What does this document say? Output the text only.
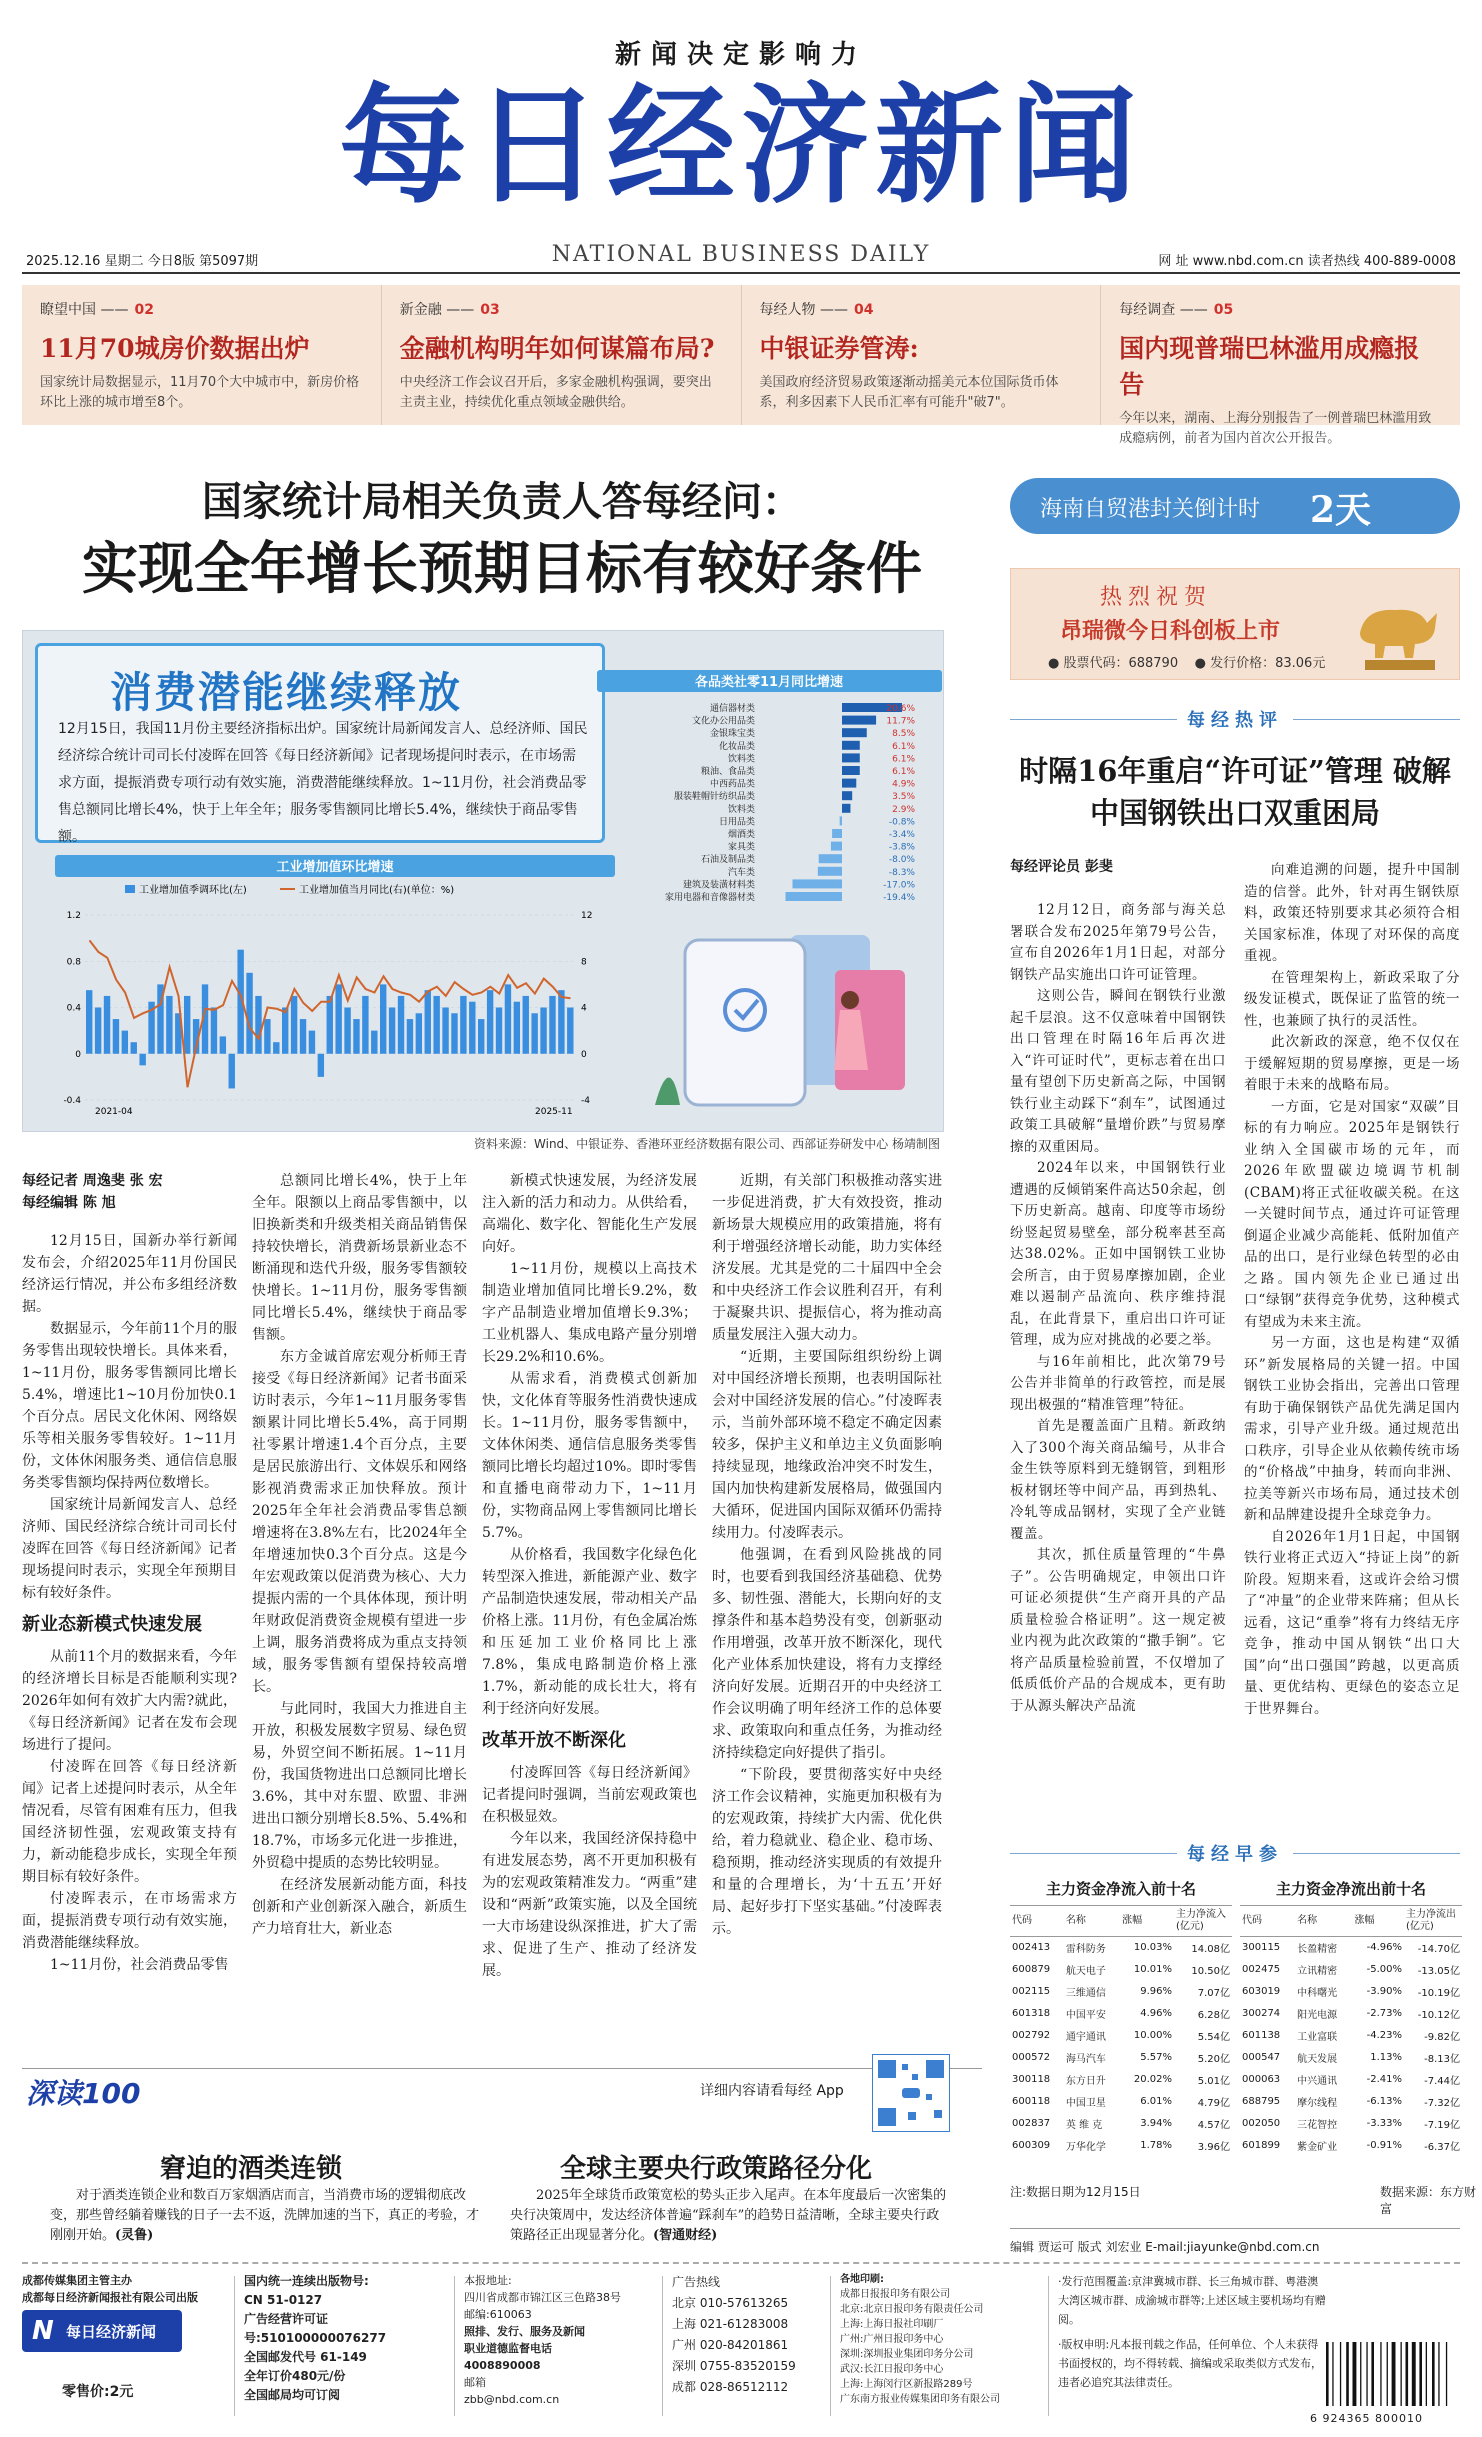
新闻决定影响力
每日经济新闻
2025.12.16 星期二 今日8版 第5097期	NATIONAL BUSINESS DAILY	网 址 www.nbd.com.cn 读者热线 400-889-0008
瞭望中国 —— 02
11月70城房价数据出炉
国家统计局数据显示，11月70个大中城市中，新房价格环比上涨的城市增至8个。
新金融 —— 03
金融机构明年如何谋篇布局?
中央经济工作会议召开后，多家金融机构强调，要突出主责主业，持续优化重点领域金融供给。
每经人物 —— 04
中银证券管涛:
美国政府经济贸易政策逐渐动摇美元本位国际货币体系，利多因素下人民币汇率有可能升"破7"。
每经调查 —— 05
国内现普瑞巴林滥用成瘾报告
今年以来，湖南、上海分别报告了一例普瑞巴林滥用致成瘾病例，前者为国内首次公开报告。
国家统计局相关负责人答每经问：
实现全年增长预期目标有较好条件
消费潜能继续释放
12月15日，我国11月份主要经济指标出炉。国家统计局新闻发言人、总经济师、国民经济综合统计司司长付凌晖在回答《每日经济新闻》记者现场提问时表示，在市场需求方面，提振消费专项行动有效实施，消费潜能继续释放。1~11月份，社会消费品零售总额同比增长4%，快于上年全年；服务零售额同比增长5.4%，继续快于商品零售额。
各品类社零11月同比增速
通信器材类	20.6%
文化办公用品类	11.7%
金银珠宝类	8.5%
化妆品类	6.1%
饮料类	6.1%
粮油、食品类	6.1%
中西药品类	4.9%
服装鞋帽针纺织品类	3.5%
饮料类	2.9%
日用品类	-0.8%
烟酒类	-3.4%
家具类	-3.8%
石油及制品类	-8.0%
汽车类	-8.3%
建筑及装潢材料类	-17.0%
家用电器和音像器材类	-19.4%
工业增加值环比增速
工业增加值季调环比(左)	工业增加值当月同比(右)(单位：%)
1.2
0.8
0.4
0
-0.4
12
8
4
0
-4
2021-04	2025-11
资料来源：Wind、中银证券、香港环亚经济数据有限公司、西部证券研发中心 杨靖制图
每经记者 周逸斐 张 宏
每经编辑 陈 旭

12月15日，国新办举行新闻发布会，介绍2025年11月份国民经济运行情况，并公布多组经济数据。

数据显示，今年前11个月的服务零售出现较快增长。具体来看，1~11月份，服务零售额同比增长5.4%，增速比1~10月份加快0.1个百分点。居民文化休闲、网络娱乐等相关服务零售较好。1~11月份，文体休闲服务类、通信信息服务类零售额均保持两位数增长。

国家统计局新闻发言人、总经济师、国民经济综合统计司司长付凌晖在回答《每日经济新闻》记者现场提问时表示，实现全年预期目标有较好条件。

新业态新模式快速发展

从前11个月的数据来看，今年的经济增长目标是否能顺利实现?2026年如何有效扩大内需?就此，《每日经济新闻》记者在发布会现场进行了提问。

付凌晖在回答《每日经济新闻》记者上述提问时表示，从全年情况看，尽管有困难有压力，但我国经济韧性强，宏观政策支持有力，新动能稳步成长，实现全年预期目标有较好条件。

付凌晖表示，在市场需求方面，提振消费专项行动有效实施，消费潜能继续释放。

1~11月份，社会消费品零售

总额同比增长4%，快于上年全年。限额以上商品零售额中，以旧换新类和升级类相关商品销售保持较快增长，消费新场景新业态不断涌现和迭代升级，服务零售额较快增长。1~11月份，服务零售额同比增长5.4%，继续快于商品零售额。

东方金诚首席宏观分析师王青接受《每日经济新闻》记者书面采访时表示，今年1~11月服务零售额累计同比增长5.4%，高于同期社零累计增速1.4个百分点，主要是居民旅游出行、文体娱乐和网络影视消费需求正加快释放。预计2025年全年社会消费品零售总额增速将在3.8%左右，比2024年全年增速加快0.3个百分点。这是今年宏观政策以促消费为核心、大力提振内需的一个具体体现，预计明年财政促消费资金规模有望进一步上调，服务消费将成为重点支持领域，服务零售额有望保持较高增长。

与此同时，我国大力推进自主开放，积极发展数字贸易、绿色贸易，外贸空间不断拓展。1~11月份，我国货物进出口总额同比增长3.6%，其中对东盟、欧盟、非洲进出口额分别增长8.5%、5.4%和18.7%，市场多元化进一步推进，外贸稳中提质的态势比较明显。

在经济发展新动能方面，科技创新和产业创新深入融合，新质生产力培育壮大，新业态

新模式快速发展，为经济发展注入新的活力和动力。从供给看，高端化、数字化、智能化生产发展向好。

1~11月份，规模以上高技术制造业增加值同比增长9.2%，数字产品制造业增加值增长9.3%；工业机器人、集成电路产量分别增长29.2%和10.6%。

从需求看，消费模式创新加快，文化体育等服务性消费快速成长。1~11月份，服务零售额中，文体休闲类、通信信息服务类零售额同比增长均超过10%。即时零售和直播电商带动力下，1~11月份，实物商品网上零售额同比增长5.7%。

从价格看，我国数字化绿色化转型深入推进，新能源产业、数字产品制造快速发展，带动相关产品价格上涨。11月份，有色金属冶炼和压延加工业价格同比上涨7.8%，集成电路制造价格上涨1.7%，新动能的成长壮大，将有利于经济向好发展。

改革开放不断深化

付凌晖回答《每日经济新闻》记者提问时强调，当前宏观政策也在积极显效。

今年以来，我国经济保持稳中有进发展态势，离不开更加积极有为的宏观政策精准发力。“两重”建设和“两新”政策实施，以及全国统一大市场建设纵深推进，扩大了需求、促进了生产、推动了经济发展。

近期，有关部门积极推动落实进一步促进消费，扩大有效投资，推动新场景大规模应用的政策措施，将有利于增强经济增长动能，助力实体经济发展。尤其是党的二十届四中全会和中央经济工作会议胜利召开，有利于凝聚共识、提振信心，将为推动高质量发展注入强大动力。

“近期，主要国际组织纷纷上调对中国经济增长预期，也表明国际社会对中国经济发展的信心。”付凌晖表示，当前外部环境不稳定不确定因素较多，保护主义和单边主义负面影响持续显现，地缘政治冲突不时发生，国内加快构建新发展格局，做强国内大循环，促进国内国际双循环仍需持续用力。付凌晖表示。

他强调，在看到风险挑战的同时，也要看到我国经济基础稳、优势多、韧性强、潜能大，长期向好的支撑条件和基本趋势没有变，创新驱动作用增强，改革开放不断深化，现代化产业体系加快建设，将有力支撑经济向好发展。近期召开的中央经济工作会议明确了明年经济工作的总体要求、政策取向和重点任务，为推动经济持续稳定向好提供了指引。

“下阶段，要贯彻落实好中央经济工作会议精神，实施更加积极有为的宏观政策，持续扩大内需、优化供给，着力稳就业、稳企业、稳市场、稳预期，推动经济实现质的有效提升和量的合理增长，为‘十五五’开好局、起好步打下坚实基础。”付凌晖表示。

海南自贸港封关倒计时 2天
热烈祝贺
昂瑞微今日科创板上市
● 股票代码：688790 ● 发行价格：83.06元
每经热评
时隔16年重启“许可证”管理 破解中国钢铁出口双重困局
每经评论员 彭斐

12月12日，商务部与海关总署联合发布2025年第79号公告，宣布自2026年1月1日起，对部分钢铁产品实施出口许可证管理。

这则公告，瞬间在钢铁行业激起千层浪。这不仅意味着中国钢铁出口管理在时隔16年后再次进入“许可证时代”，更标志着在出口量有望创下历史新高之际，中国钢铁行业主动踩下“刹车”，试图通过政策工具破解“量增价跌”与贸易摩擦的双重困局。

2024年以来，中国钢铁行业遭遇的反倾销案件高达50余起，创下历史新高。越南、印度等市场纷纷竖起贸易壁垒，部分税率甚至高达38.02%。正如中国钢铁工业协会所言，由于贸易摩擦加剧，企业难以遏制产品流向、秩序维持混乱，在此背景下，重启出口许可证管理，成为应对挑战的必要之举。

与16年前相比，此次第79号公告并非简单的行政管控，而是展现出极强的“精准管理”特征。

首先是覆盖面广且精。新政纳入了300个海关商品编号，从非合金生铁等原料到无缝钢管，到粗形板材钢坯等中间产品，再到热轧、冷轧等成品钢材，实现了全产业链覆盖。

其次，抓住质量管理的“牛鼻子”。公告明确规定，申领出口许可证必须提供“生产商开具的产品质量检验合格证明”。这一规定被业内视为此次政策的“撒手锏”。它将产品质量检验前置，不仅增加了低质低价产品的合规成本，更有助于从源头解决产品流

向难追溯的问题，提升中国制造的信誉。此外，针对再生钢铁原料，政策还特别要求其必须符合相关国家标准，体现了对环保的高度重视。

在管理架构上，新政采取了分级发证模式，既保证了监管的统一性，也兼顾了执行的灵活性。

此次新政的深意，绝不仅仅在于缓解短期的贸易摩擦，更是一场着眼于未来的战略布局。

一方面，它是对国家“双碳”目标的有力响应。2025年是钢铁行业纳入全国碳市场的元年，而2026年欧盟碳边境调节机制(CBAM)将正式征收碳关税。在这一关键时间节点，通过许可证管理倒逼企业减少高能耗、低附加值产品的出口，是行业绿色转型的必由之路。国内领先企业已通过出口“绿钢”获得竞争优势，这种模式有望成为未来主流。

另一方面，这也是构建“双循环”新发展格局的关键一招。中国钢铁工业协会指出，完善出口管理有助于确保钢铁产品优先满足国内需求，引导产业升级。通过规范出口秩序，引导企业从依赖传统市场的“价格战”中抽身，转而向非洲、拉美等新兴市场布局，通过技术创新和品牌建设提升全球竞争力。

自2026年1月1日起，中国钢铁行业将正式迈入“持证上岗”的新阶段。短期来看，这或许会给习惯了“冲量”的企业带来阵痛；但从长远看，这记“重拳”将有力终结无序竞争，推动中国从钢铁“出口大国”向“出口强国”跨越，以更高质量、更优结构、更绿色的姿态立足于世界舞台。

每经早参
主力资金净流入前十名
代码	名称	涨幅	主力净流入(亿元)
002413	雷科防务	10.03%	14.08亿
600879	航天电子	10.01%	10.50亿
002115	三维通信	9.96%	7.07亿
601318	中国平安	4.96%	6.28亿
002792	通宇通讯	10.00%	5.54亿
000572	海马汽车	5.57%	5.20亿
300118	东方日升	20.02%	5.01亿
600118	中国卫星	6.01%	4.79亿
002837	英 维 克	3.94%	4.57亿
600309	万华化学	1.78%	3.96亿
主力资金净流出前十名
代码	名称	涨幅	主力净流出(亿元)
300115	长盈精密	-4.96%	-14.70亿
002475	立讯精密	-5.00%	-13.05亿
603019	中科曙光	-3.90%	-10.19亿
300274	阳光电源	-2.73%	-10.12亿
601138	工业富联	-4.23%	-9.82亿
000547	航天发展	1.13%	-8.13亿
000063	中兴通讯	-2.41%	-7.44亿
688795	摩尔线程	-6.13%	-7.32亿
002050	三花智控	-3.33%	-7.19亿
601899	紫金矿业	-0.91%	-6.37亿
注:数据日期为12月15日	数据来源：东方财富
编辑 贾运可 版式 刘宏业 E-mail:jiayunke@nbd.com.cn
深读100	详细内容请看每经 App
窘迫的酒类连锁
对于酒类连锁企业和数百万家烟酒店而言，当消费市场的逻辑彻底改变，那些曾经躺着赚钱的日子一去不返，洗牌加速的当下，真正的考验，才刚刚开始。(灵鲁)
全球主要央行政策路径分化
2025年全球货币政策宽松的势头正步入尾声。在本年度最后一次密集的央行决策周中，发达经济体普遍“踩刹车”的趋势日益清晰，全球主要央行政策路径正出现显著分化。(智通财经)
成都传媒集团主管主办
成都每日经济新闻报社有限公司出版
N 每日经济新闻
零售价:2元
国内统一连续出版物号:
CN 51-0127
广告经营许可证号:510100000076277
全国邮发代号 61-149
全年订价480元/份
全国邮局均可订阅
本报地址:
四川省成都市锦江区三色路38号
邮编:610063
照排、发行、服务及新闻
职业道德监督电话
4008890008
邮箱
zbb@nbd.com.cn
广告热线
北京 010-57613265
上海 021-61283008
广州 020-84201861
深圳 0755-83520159
成都 028-86512112
各地印刷:
成都日报报印务有限公司
北京:北京日报印务有限责任公司
上海:上海日报社印刷厂
广州:广州日报印务中心
深圳:深圳报业集团印务分公司
武汉:长江日报印务中心
上海:上海闵行区新报路289号
广东南方报业传媒集团印务有限公司
·发行范围覆盖:京津冀城市群、长三角城市群、粤港澳大湾区城市群、成渝城市群等;上述区域主要机场均有赠阅。
·版权申明:凡本报刊载之作品，任何单位、个人未获得书面授权的，均不得转载、摘编或采取类似方式发布，违者必追究其法律责任。
6 924365 800010
